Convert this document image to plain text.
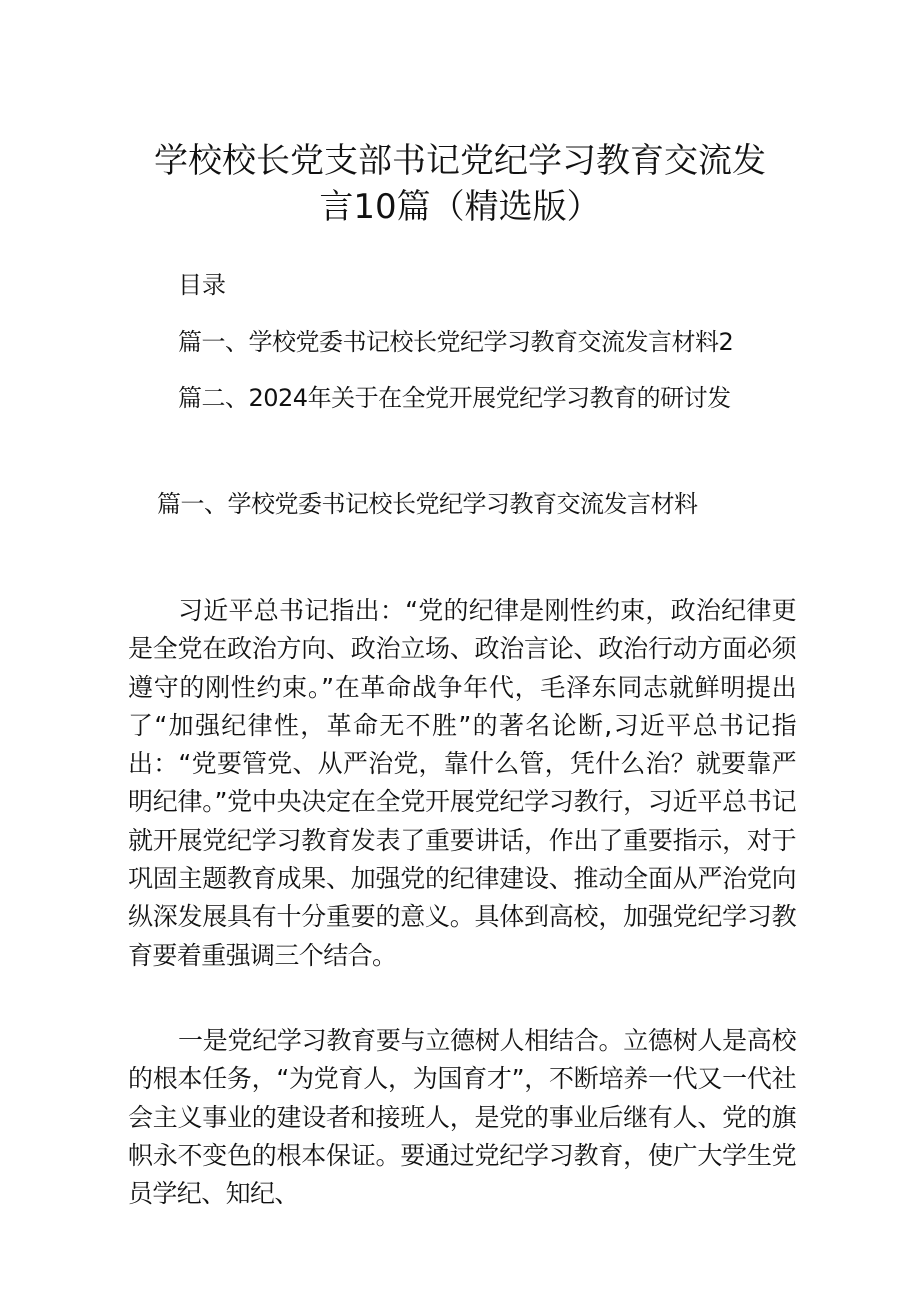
学校校长党支部书记党纪学习教育交流发
言10篇（精选版）
目录
篇一、学校党委书记校长党纪学习教育交流发言材料2
篇二、2024年关于在全党开展党纪学习教育的研讨发
篇一、学校党委书记校长党纪学习教育交流发言材料

习近平总书记指出：“党的纪律是刚性约束，政治纪律更是全党在政治方向、政治立场、政治言论、政治行动方面必须遵守的刚性约束。”在革命战争年代，毛泽东同志就鲜明提出了“加强纪律性，革命无不胜”的著名论断,习近平总书记指出：“党要管党、从严治党，靠什么管，凭什么治？就要靠严明纪律。”党中央决定在全党开展党纪学习教行，习近平总书记就开展党纪学习教育发表了重要讲话，作出了重要指示，对于巩固主题教育成果、加强党的纪律建设、推动全面从严治党向纵深发展具有十分重要的意义。具体到高校，加强党纪学习教育要着重强调三个结合。

一是党纪学习教育要与立德树人相结合。立德树人是高校的根本任务，“为党育人，为国育才”，不断培养一代又一代社会主义事业的建设者和接班人，是党的事业后继有人、党的旗帜永不变色的根本保证。要通过党纪学习教育，使广大学生党员学纪、知纪、
